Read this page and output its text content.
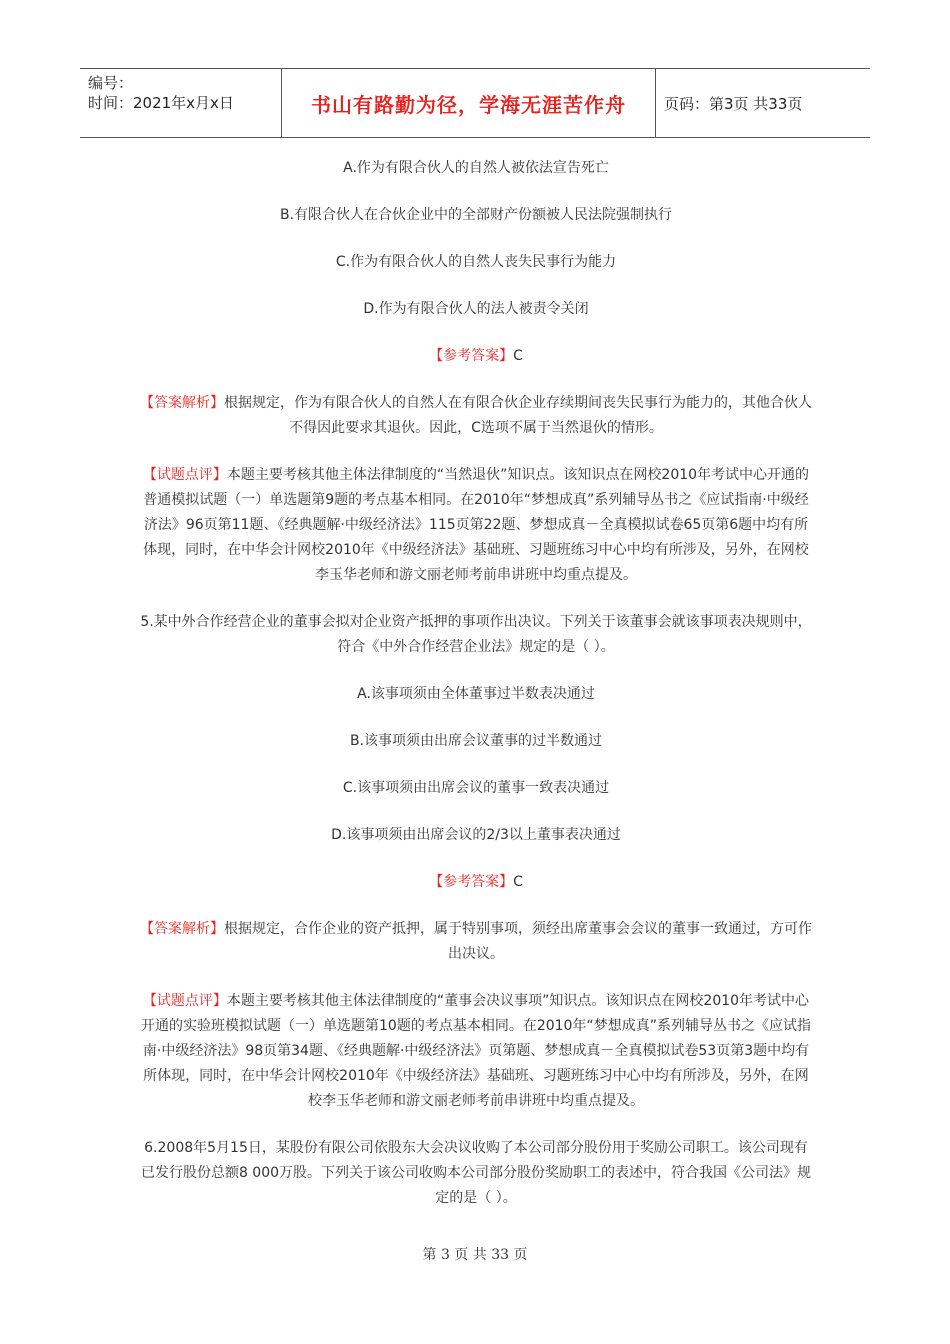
编号：
时间：2021年x月x日	书山有路勤为径，学海无涯苦作舟	页码：第3页 共33页

A.作为有限合伙人的自然人被依法宣告死亡

B.有限合伙人在合伙企业中的全部财产份额被人民法院强制执行

C.作为有限合伙人的自然人丧失民事行为能力

D.作为有限合伙人的法人被责令关闭

【参考答案】C

【答案解析】根据规定，作为有限合伙人的自然人在有限合伙企业存续期间丧失民事行为能力的，其他合伙人不得因此要求其退伙。因此，C选项不属于当然退伙的情形。

【试题点评】本题主要考核其他主体法律制度的“当然退伙”知识点。该知识点在网校2010年考试中心开通的普通模拟试题（一）单选题第9题的考点基本相同。在2010年“梦想成真”系列辅导丛书之《应试指南·中级经济法》96页第11题、《经典题解·中级经济法》115页第22题、梦想成真－全真模拟试卷65页第6题中均有所体现，同时，在中华会计网校2010年《中级经济法》基础班、习题班练习中心中均有所涉及，另外，在网校李玉华老师和游文丽老师考前串讲班中均重点提及。

5.某中外合作经营企业的董事会拟对企业资产抵押的事项作出决议。下列关于该董事会就该事项表决规则中，符合《中外合作经营企业法》规定的是（ ）。

A.该事项须由全体董事过半数表决通过

B.该事项须由出席会议董事的过半数通过

C.该事项须由出席会议的董事一致表决通过

D.该事项须由出席会议的2/3以上董事表决通过

【参考答案】C

【答案解析】根据规定，合作企业的资产抵押，属于特别事项，须经出席董事会会议的董事一致通过，方可作出决议。

【试题点评】本题主要考核其他主体法律制度的“董事会决议事项”知识点。该知识点在网校2010年考试中心开通的实验班模拟试题（一）单选题第10题的考点基本相同。在2010年“梦想成真”系列辅导丛书之《应试指南·中级经济法》98页第34题、《经典题解·中级经济法》页第题、梦想成真－全真模拟试卷53页第3题中均有所体现，同时，在中华会计网校2010年《中级经济法》基础班、习题班练习中心中均有所涉及，另外，在网校李玉华老师和游文丽老师考前串讲班中均重点提及。

6.2008年5月15日，某股份有限公司依股东大会决议收购了本公司部分股份用于奖励公司职工。该公司现有已发行股份总额8 000万股。下列关于该公司收购本公司部分股份奖励职工的表述中，符合我国《公司法》规定的是（ ）。

第 3 页 共 33 页
